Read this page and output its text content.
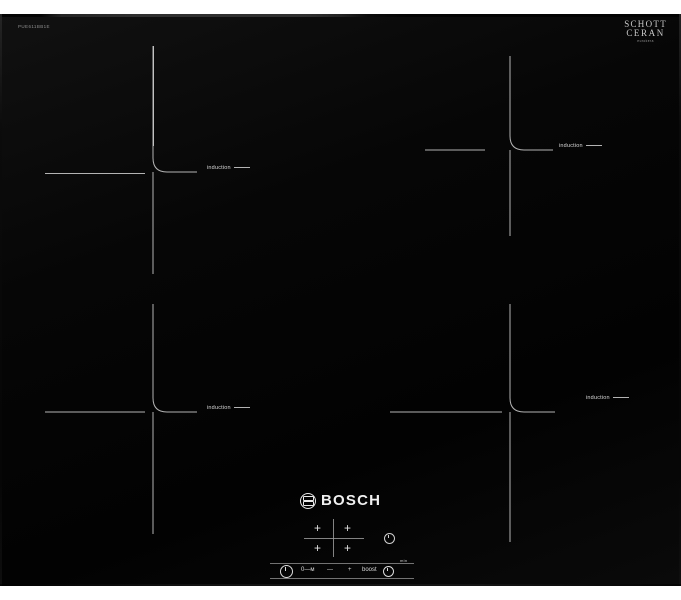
PUE611BB1E	SCHOTT
CERAN
eurokera
induction
induction
induction
induction
BOSCH
+ +
+ +
0—м —	+ boost
min
